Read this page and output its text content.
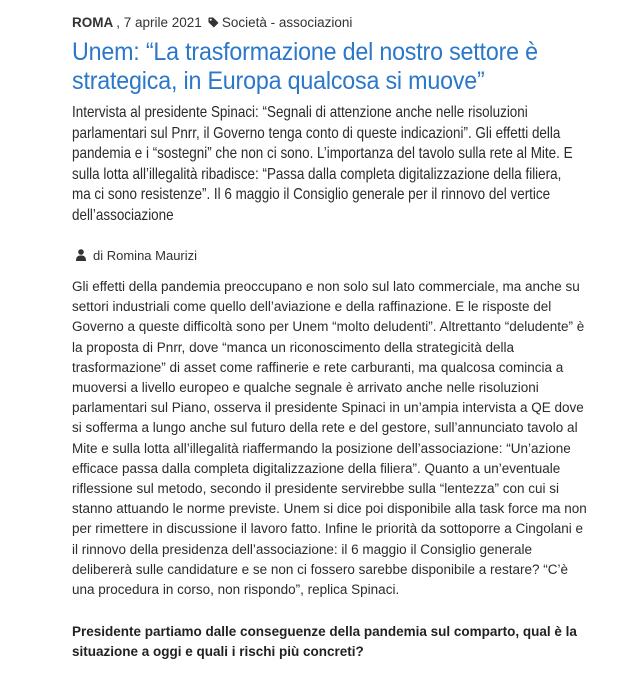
ROMA , 7 aprile 2021 Società - associazioni
Unem: “La trasformazione del nostro settore è strategica, in Europa qualcosa si muove”
Intervista al presidente Spinaci: “Segnali di attenzione anche nelle risoluzioni parlamentari sul Pnrr, il Governo tenga conto di queste indicazioni”. Gli effetti della pandemia e i “sostegni” che non ci sono. L’importanza del tavolo sulla rete al Mite. E sulla lotta all’illegalità ribadisce: “Passa dalla completa digitalizzazione della filiera, ma ci sono resistenze”. Il 6 maggio il Consiglio generale per il rinnovo del vertice dell’associazione
di Romina Maurizi

Gli effetti della pandemia preoccupano e non solo sul lato commerciale, ma anche su settori industriali come quello dell’aviazione e della raffinazione. E le risposte del Governo a queste difficoltà sono per Unem “molto deludenti”. Altrettanto “deludente” è la proposta di Pnrr, dove “manca un riconoscimento della strategicità della trasformazione” di asset come raffinerie e rete carburanti, ma qualcosa comincia a muoversi a livello europeo e qualche segnale è arrivato anche nelle risoluzioni parlamentari sul Piano, osserva il presidente Spinaci in un’ampia intervista a QE dove si sofferma a lungo anche sul futuro della rete e del gestore, sull’annunciato tavolo al Mite e sulla lotta all’illegalità riaffermando la posizione dell’associazione: “Un’azione efficace passa dalla completa digitalizzazione della filiera”. Quanto a un’eventuale riflessione sul metodo, secondo il presidente servirebbe sulla “lentezza” con cui si stanno attuando le norme previste. Unem si dice poi disponibile alla task force ma non per rimettere in discussione il lavoro fatto. Infine le priorità da sottoporre a Cingolani e il rinnovo della presidenza dell’associazione: il 6 maggio il Consiglio generale delibererà sulle candidature e se non ci fossero sarebbe disponibile a restare? “C’è una procedura in corso, non rispondo”, replica Spinaci.

Presidente partiamo dalle conseguenze della pandemia sul comparto, qual è la situazione a oggi e quali i rischi più concreti?
